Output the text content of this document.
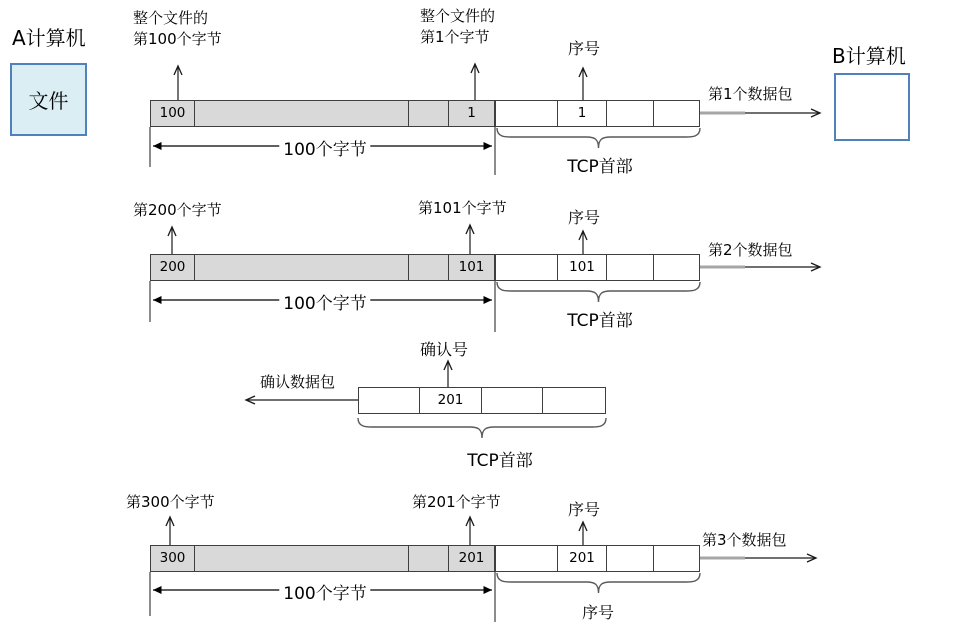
A计算机
文件
B计算机
整个文件的
第100个字节
整个文件的
第1个字节
序号
100	1	1
100个字节
TCP首部
第1个数据包
第200个字节	第101个字节	序号
200	101	101
100个字节
TCP首部
第2个数据包
确认号
确认数据包
201
TCP首部
第300个字节	第201个字节	序号
300	201	201
100个字节
序号
第3个数据包
